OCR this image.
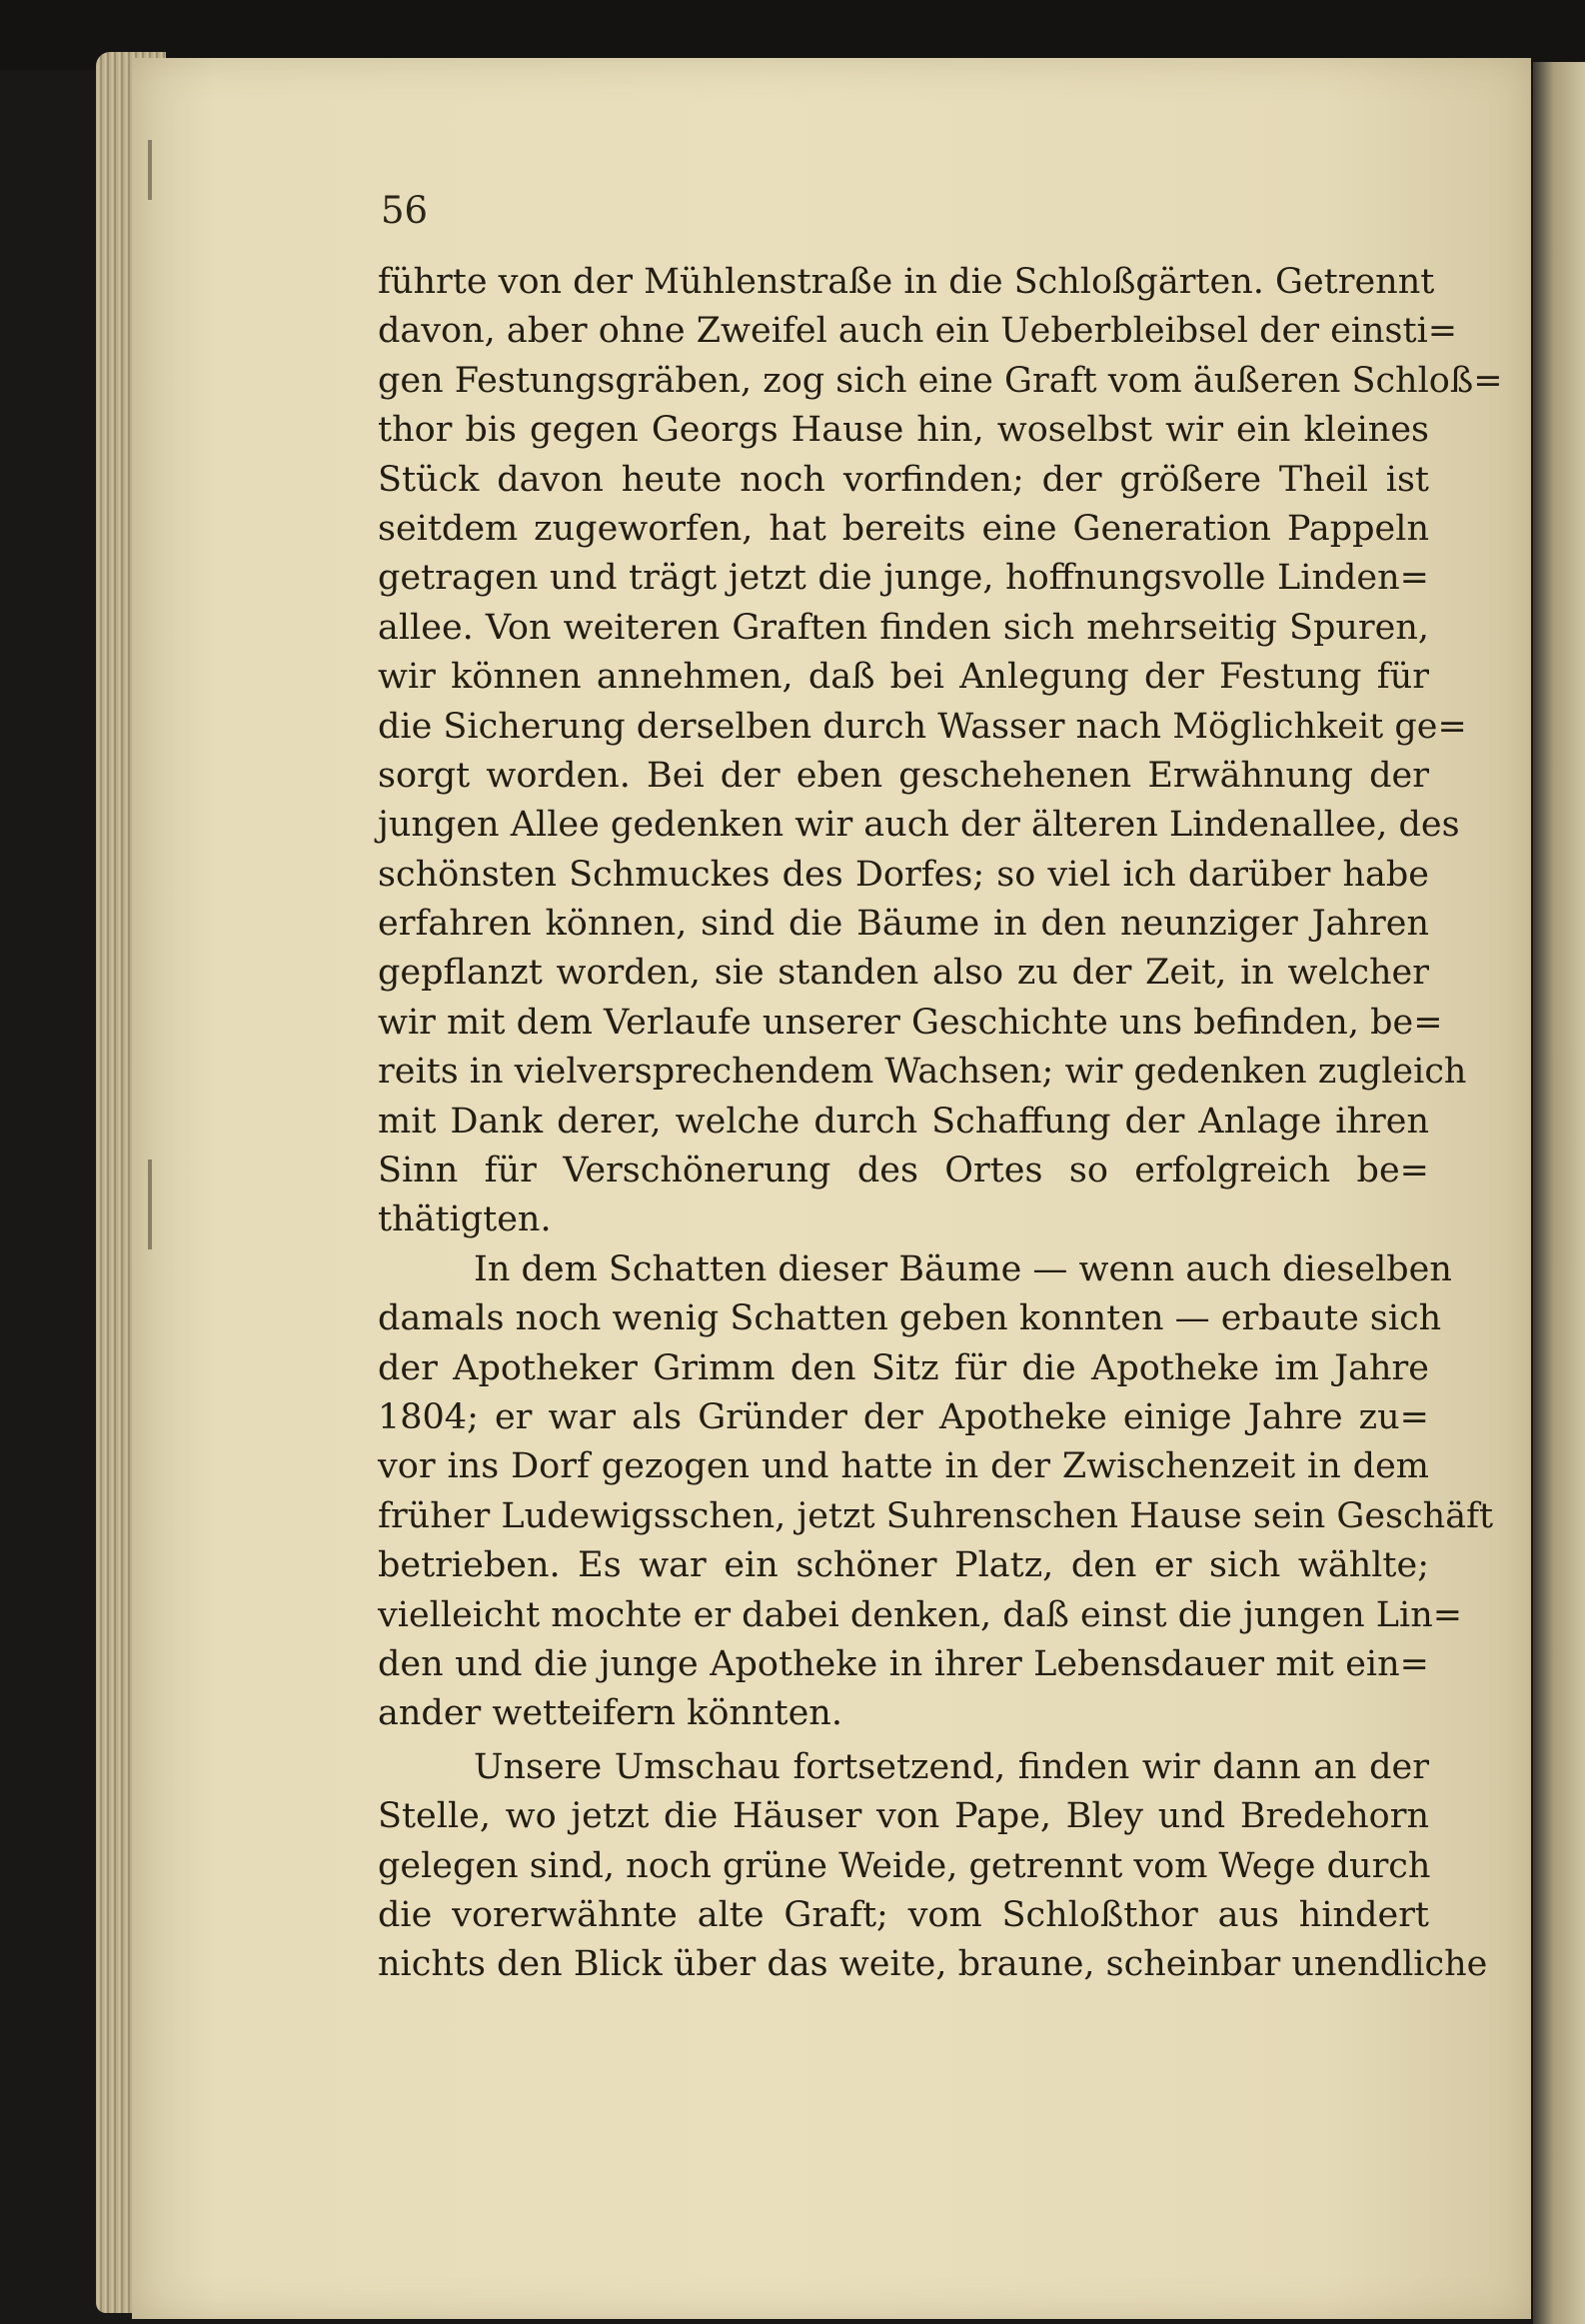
56
führte von der Mühlenstraße in die Schloßgärten. Getrennt
davon, aber ohne Zweifel auch ein Ueberbleibsel der einsti=
gen Festungsgräben, zog sich eine Graft vom äußeren Schloß=
thor bis gegen Georgs Hause hin, woselbst wir ein kleines
Stück davon heute noch vorfinden; der größere Theil ist
seitdem zugeworfen, hat bereits eine Generation Pappeln
getragen und trägt jetzt die junge, hoffnungsvolle Linden=
allee. Von weiteren Graften finden sich mehrseitig Spuren,
wir können annehmen, daß bei Anlegung der Festung für
die Sicherung derselben durch Wasser nach Möglichkeit ge=
sorgt worden. Bei der eben geschehenen Erwähnung der
jungen Allee gedenken wir auch der älteren Lindenallee, des
schönsten Schmuckes des Dorfes; so viel ich darüber habe
erfahren können, sind die Bäume in den neunziger Jahren
gepflanzt worden, sie standen also zu der Zeit, in welcher
wir mit dem Verlaufe unserer Geschichte uns befinden, be=
reits in vielversprechendem Wachsen; wir gedenken zugleich
mit Dank derer, welche durch Schaffung der Anlage ihren
Sinn für Verschönerung des Ortes so erfolgreich be=
thätigten.
In dem Schatten dieser Bäume — wenn auch dieselben
damals noch wenig Schatten geben konnten — erbaute sich
der Apotheker Grimm den Sitz für die Apotheke im Jahre
1804; er war als Gründer der Apotheke einige Jahre zu=
vor ins Dorf gezogen und hatte in der Zwischenzeit in dem
früher Ludewigsschen, jetzt Suhrenschen Hause sein Geschäft
betrieben. Es war ein schöner Platz, den er sich wählte;
vielleicht mochte er dabei denken, daß einst die jungen Lin=
den und die junge Apotheke in ihrer Lebensdauer mit ein=
ander wetteifern könnten.
Unsere Umschau fortsetzend, finden wir dann an der
Stelle, wo jetzt die Häuser von Pape, Bley und Bredehorn
gelegen sind, noch grüne Weide, getrennt vom Wege durch
die vorerwähnte alte Graft; vom Schloßthor aus hindert
nichts den Blick über das weite, braune, scheinbar unendliche
